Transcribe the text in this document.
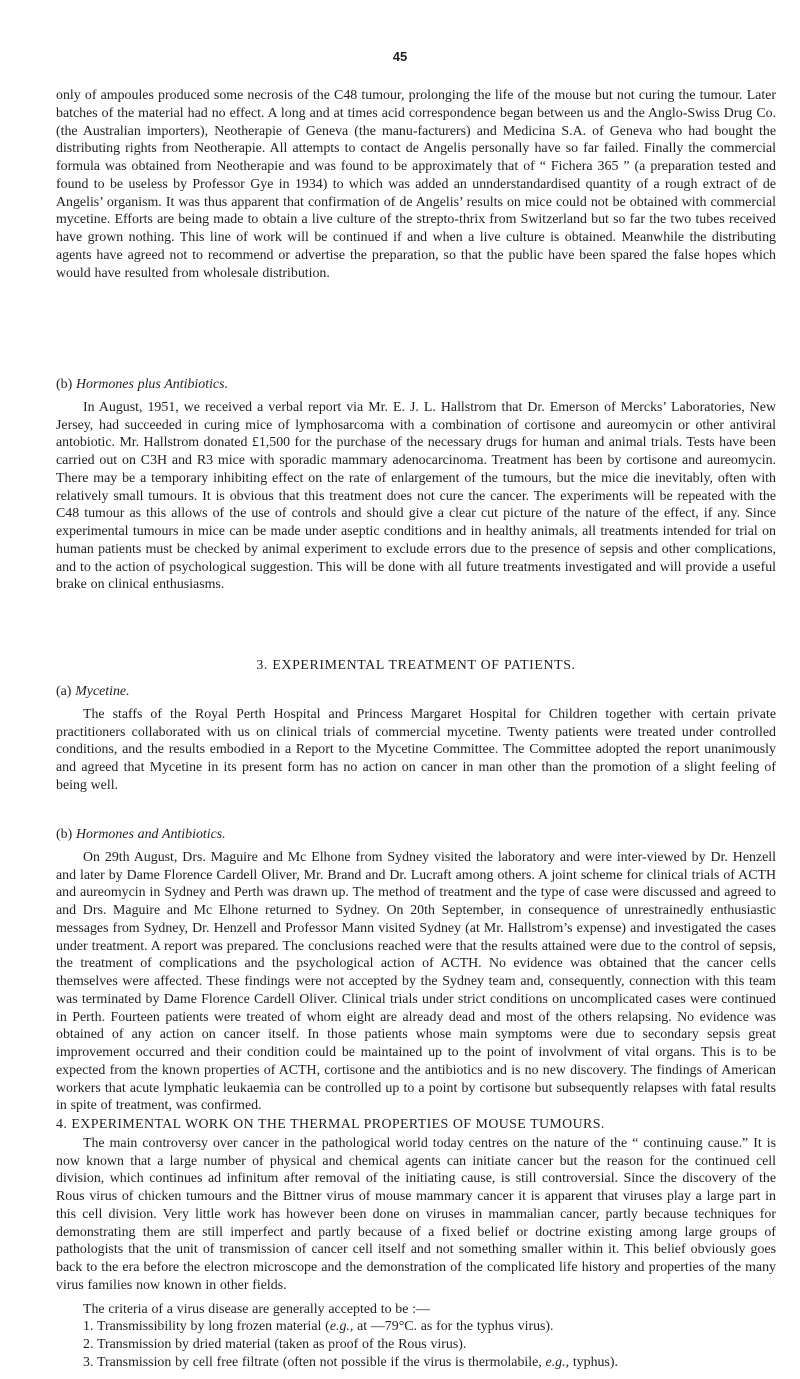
45

only of ampoules produced some necrosis of the C48 tumour, prolonging the life of the mouse but not curing the tumour. Later batches of the material had no effect. A long and at times acid correspondence began between us and the Anglo-Swiss Drug Co. (the Australian importers), Neotherapie of Geneva (the manu-facturers) and Medicina S.A. of Geneva who had bought the distributing rights from Neotherapie. All attempts to contact de Angelis personally have so far failed. Finally the commercial formula was obtained from Neotherapie and was found to be approximately that of “ Fichera 365 ” (a preparation tested and found to be useless by Professor Gye in 1934) to which was added an unnderstandardised quantity of a rough extract of de Angelis’ organism. It was thus apparent that confirmation of de Angelis’ results on mice could not be obtained with commercial mycetine. Efforts are being made to obtain a live culture of the strepto-thrix from Switzerland but so far the two tubes received have grown nothing. This line of work will be continued if and when a live culture is obtained. Meanwhile the distributing agents have agreed not to recommend or advertise the preparation, so that the public have been spared the false hopes which would have resulted from wholesale distribution.

(b) Hormones plus Antibiotics.

In August, 1951, we received a verbal report via Mr. E. J. L. Hallstrom that Dr. Emerson of Mercks’ Laboratories, New Jersey, had succeeded in curing mice of lymphosarcoma with a combination of cortisone and aureomycin or other antiviral antobiotic. Mr. Hallstrom donated £1,500 for the purchase of the necessary drugs for human and animal trials. Tests have been carried out on C3H and R3 mice with sporadic mammary adenocarcinoma. Treatment has been by cortisone and aureomycin. There may be a temporary inhibiting effect on the rate of enlargement of the tumours, but the mice die inevitably, often with relatively small tumours. It is obvious that this treatment does not cure the cancer. The experiments will be repeated with the C48 tumour as this allows of the use of controls and should give a clear cut picture of the nature of the effect, if any. Since experimental tumours in mice can be made under aseptic conditions and in healthy animals, all treatments intended for trial on human patients must be checked by animal experiment to exclude errors due to the presence of sepsis and other complications, and to the action of psychological suggestion. This will be done with all future treatments investigated and will provide a useful brake on clinical enthusiasms.

3. EXPERIMENTAL TREATMENT OF PATIENTS.

(a) Mycetine.

The staffs of the Royal Perth Hospital and Princess Margaret Hospital for Children together with certain private practitioners collaborated with us on clinical trials of commercial mycetine. Twenty patients were treated under controlled conditions, and the results embodied in a Report to the Mycetine Committee. The Committee adopted the report unanimously and agreed that Mycetine in its present form has no action on cancer in man other than the promotion of a slight feeling of being well.

(b) Hormones and Antibiotics.

On 29th August, Drs. Maguire and Mc Elhone from Sydney visited the laboratory and were inter-viewed by Dr. Henzell and later by Dame Florence Cardell Oliver, Mr. Brand and Dr. Lucraft among others. A joint scheme for clinical trials of ACTH and aureomycin in Sydney and Perth was drawn up. The method of treatment and the type of case were discussed and agreed to and Drs. Maguire and Mc Elhone returned to Sydney. On 20th September, in consequence of unrestrainedly enthusiastic messages from Sydney, Dr. Henzell and Professor Mann visited Sydney (at Mr. Hallstrom’s expense) and investigated the cases under treatment. A report was prepared. The conclusions reached were that the results attained were due to the control of sepsis, the treatment of complications and the psychological action of ACTH. No evidence was obtained that the cancer cells themselves were affected. These findings were not accepted by the Sydney team and, consequently, connection with this team was terminated by Dame Florence Cardell Oliver. Clinical trials under strict conditions on uncomplicated cases were continued in Perth. Fourteen patients were treated of whom eight are already dead and most of the others relapsing. No evidence was obtained of any action on cancer itself. In those patients whose main symptoms were due to secondary sepsis great improvement occurred and their condition could be maintained up to the point of involvment of vital organs. This is to be expected from the known properties of ACTH, cortisone and the antibiotics and is no new discovery. The findings of American workers that acute lymphatic leukaemia can be controlled up to a point by cortisone but subsequently relapses with fatal results in spite of treatment, was confirmed.

4. EXPERIMENTAL WORK ON THE THERMAL PROPERTIES OF MOUSE TUMOURS.

The main controversy over cancer in the pathological world today centres on the nature of the “ continuing cause.” It is now known that a large number of physical and chemical agents can initiate cancer but the reason for the continued cell division, which continues ad infinitum after removal of the initiating cause, is still controversial. Since the discovery of the Rous virus of chicken tumours and the Bittner virus of mouse mammary cancer it is apparent that viruses play a large part in this cell division. Very little work has however been done on viruses in mammalian cancer, partly because techniques for demonstrating them are still imperfect and partly because of a fixed belief or doctrine existing among large groups of pathologists that the unit of transmission of cancer cell itself and not something smaller within it. This belief obviously goes back to the era before the electron microscope and the demonstration of the complicated life history and properties of the many virus families now known in other fields.

The criteria of a virus disease are generally accepted to be :—

1. Transmissibility by long frozen material (e.g., at —79°C. as for the typhus virus).
2. Transmission by dried material (taken as proof of the Rous virus).
3. Transmission by cell free filtrate (often not possible if the virus is thermolabile, e.g., typhus).
